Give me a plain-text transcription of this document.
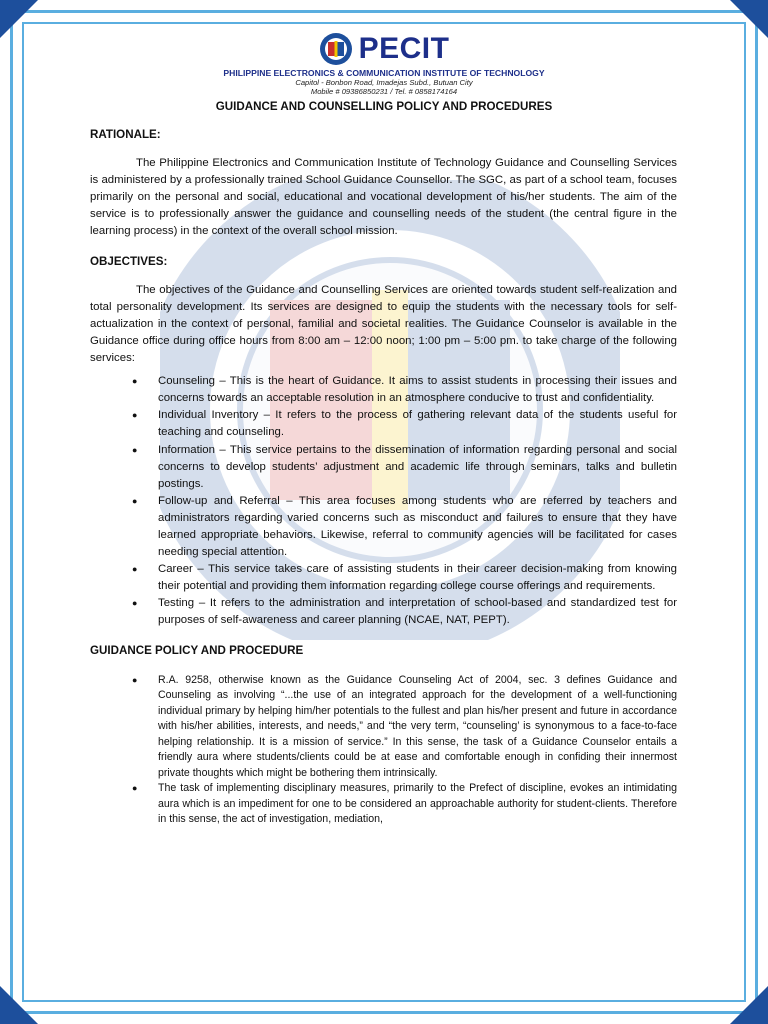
PECIT
PHILIPPINE ELECTRONICS & COMMUNICATION INSTITUTE OF TECHNOLOGY
Capitol - Bonbon Road, Imadejas Subd., Butuan City
Mobile # 09386850231 / Tel. # 0858174164
GUIDANCE AND COUNSELLING POLICY AND PROCEDURES

RATIONALE:

The Philippine Electronics and Communication Institute of Technology Guidance and Counselling Services is administered by a professionally trained School Guidance Counsellor. The SGC, as part of a school team, focuses primarily on the personal and social, educational and vocational development of his/her students. The aim of the service is to professionally answer the guidance and counselling needs of the student (the central figure in the learning process) in the context of the overall school mission.

OBJECTIVES:

The objectives of the Guidance and Counselling Services are oriented towards student self-realization and total personality development. Its services are designed to equip the students with the necessary tools for self-actualization in the context of personal, familial and societal realities. The Guidance Counselor is available in the Guidance office during office hours from 8:00 am – 12:00 noon; 1:00 pm – 5:00 pm. to take charge of the following services:

● Counseling – This is the heart of Guidance. It aims to assist students in processing their issues and concerns towards an acceptable resolution in an atmosphere conducive to trust and confidentiality.
● Individual Inventory – It refers to the process of gathering relevant data of the students useful for teaching and counseling.
● Information – This service pertains to the dissemination of information regarding personal and social concerns to develop students’ adjustment and academic life through seminars, talks and bulletin postings.
● Follow-up and Referral – This area focuses among students who are referred by teachers and administrators regarding varied concerns such as misconduct and failures to ensure that they have learned appropriate behaviors. Likewise, referral to community agencies will be facilitated for cases needing special attention.
● Career – This service takes care of assisting students in their career decision-making from knowing their potential and providing them information regarding college course offerings and requirements.
● Testing – It refers to the administration and interpretation of school-based and standardized test for purposes of self-awareness and career planning (NCAE, NAT, PEPT).

GUIDANCE POLICY AND PROCEDURE

● R.A. 9258, otherwise known as the Guidance Counseling Act of 2004, sec. 3 defines Guidance and Counseling as involving “...the use of an integrated approach for the development of a well-functioning individual primary by helping him/her potentials to the fullest and plan his/her present and future in accordance with his/her abilities, interests, and needs,” and “the very term, “counseling’ is synonymous to a face-to-face helping relationship. It is a mission of service.” In this sense, the task of a Guidance Counselor entails a friendly aura where students/clients could be at ease and comfortable enough in confiding their innermost private thoughts which might be bothering them intrinsically.
● The task of implementing disciplinary measures, primarily to the Prefect of discipline, evokes an intimidating aura which is an impediment for one to be considered an approachable authority for student-clients. Therefore in this sense, the act of investigation, mediation,
